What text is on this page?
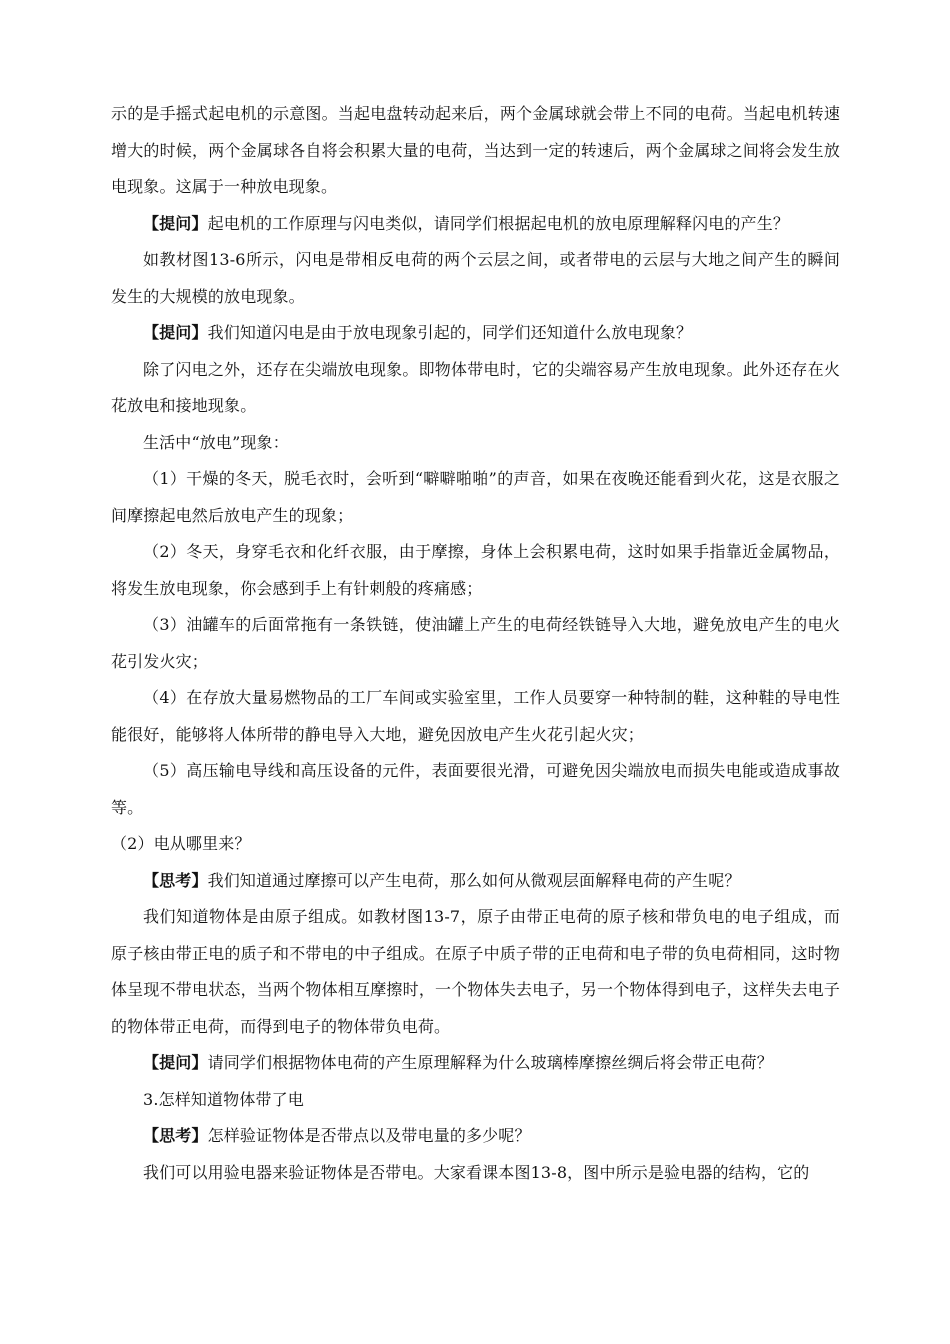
示的是手摇式起电机的示意图。当起电盘转动起来后，两个金属球就会带上不同的电荷。当起电机转速增大的时候，两个金属球各自将会积累大量的电荷，当达到一定的转速后，两个金属球之间将会发生放电现象。这属于一种放电现象。

【提问】起电机的工作原理与闪电类似，请同学们根据起电机的放电原理解释闪电的产生？

如教材图13-6所示，闪电是带相反电荷的两个云层之间，或者带电的云层与大地之间产生的瞬间发生的大规模的放电现象。

【提问】我们知道闪电是由于放电现象引起的，同学们还知道什么放电现象？

除了闪电之外，还存在尖端放电现象。即物体带电时，它的尖端容易产生放电现象。此外还存在火花放电和接地现象。

生活中“放电”现象：

（1）干燥的冬天，脱毛衣时，会听到“噼噼啪啪”的声音，如果在夜晚还能看到火花，这是衣服之间摩擦起电然后放电产生的现象；

（2）冬天，身穿毛衣和化纤衣服，由于摩擦，身体上会积累电荷，这时如果手指靠近金属物品，将发生放电现象，你会感到手上有针刺般的疼痛感；

（3）油罐车的后面常拖有一条铁链，使油罐上产生的电荷经铁链导入大地，避免放电产生的电火花引发火灾；

（4）在存放大量易燃物品的工厂车间或实验室里，工作人员要穿一种特制的鞋，这种鞋的导电性能很好，能够将人体所带的静电导入大地，避免因放电产生火花引起火灾；

（5）高压输电导线和高压设备的元件，表面要很光滑，可避免因尖端放电而损失电能或造成事故等。

（2）电从哪里来？

【思考】我们知道通过摩擦可以产生电荷，那么如何从微观层面解释电荷的产生呢？

我们知道物体是由原子组成。如教材图13-7，原子由带正电荷的原子核和带负电的电子组成，而原子核由带正电的质子和不带电的中子组成。在原子中质子带的正电荷和电子带的负电荷相同，这时物体呈现不带电状态，当两个物体相互摩擦时，一个物体失去电子，另一个物体得到电子，这样失去电子的物体带正电荷，而得到电子的物体带负电荷。

【提问】请同学们根据物体电荷的产生原理解释为什么玻璃棒摩擦丝绸后将会带正电荷？

3.怎样知道物体带了电

【思考】怎样验证物体是否带点以及带电量的多少呢？

我们可以用验电器来验证物体是否带电。大家看课本图13-8，图中所示是验电器的结构，它的
